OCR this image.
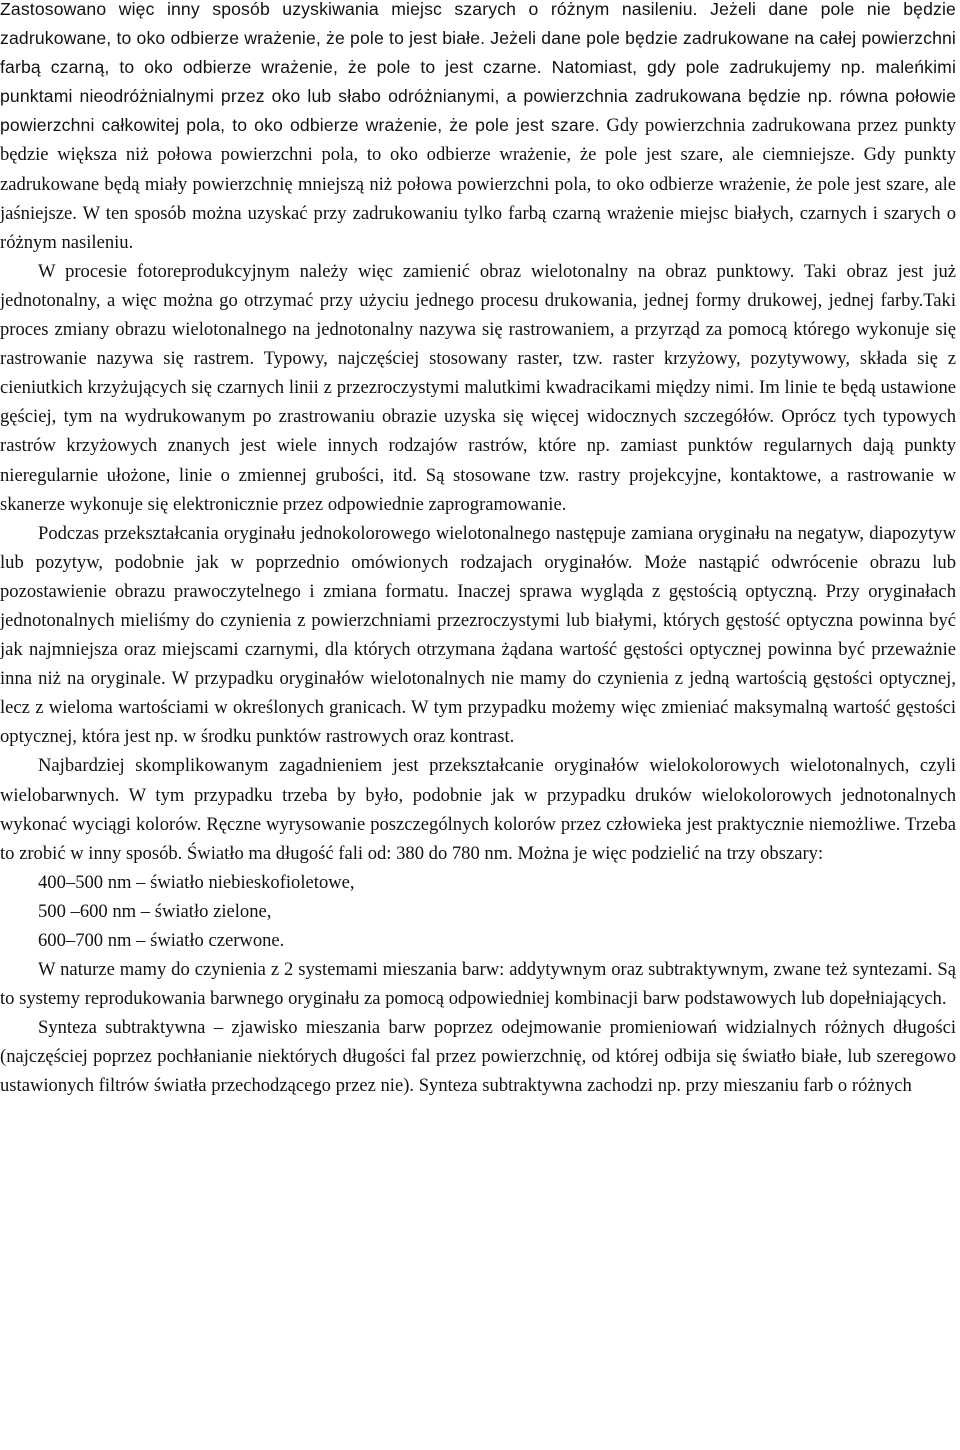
Zastosowano więc inny sposób uzyskiwania miejsc szarych o różnym nasileniu. Jeżeli dane pole nie będzie zadrukowane, to oko odbierze wrażenie, że pole to jest białe. Jeżeli dane pole będzie zadrukowane na całej powierzchni farbą czarną, to oko odbierze wrażenie, że pole to jest czarne. Natomiast, gdy pole zadrukujemy np. maleńkimi punktami nieodróżnialnymi przez oko lub słabo odróżnianymi, a powierzchnia zadrukowana będzie np. równa połowie powierzchni całkowitej pola, to oko odbierze wrażenie, że pole jest szare. Gdy powierzchnia zadrukowana przez punkty będzie większa niż połowa powierzchni pola, to oko odbierze wrażenie, że pole jest szare, ale ciemniejsze. Gdy punkty zadrukowane będą miały powierzchnię mniejszą niż połowa powierzchni pola, to oko odbierze wrażenie, że pole jest szare, ale jaśniejsze. W ten sposób można uzyskać przy zadrukowaniu tylko farbą czarną wrażenie miejsc białych, czarnych i szarych o różnym nasileniu.

W procesie fotoreprodukcyjnym należy więc zamienić obraz wielotonalny na obraz punktowy. Taki obraz jest już jednotonalny, a więc można go otrzymać przy użyciu jednego procesu drukowania, jednej formy drukowej, jednej farby.Taki proces zmiany obrazu wielotonalnego na jednotonalny nazywa się rastrowaniem, a przyrząd za pomocą którego wykonuje się rastrowanie nazywa się rastrem. Typowy, najczęściej stosowany raster, tzw. raster krzyżowy, pozytywowy, składa się z cieniutkich krzyżujących się czarnych linii z przezroczystymi malutkimi kwadracikami między nimi. Im linie te będą ustawione gęściej, tym na wydrukowanym po zrastrowaniu obrazie uzyska się więcej widocznych szczegółów. Oprócz tych typowych rastrów krzyżowych znanych jest wiele innych rodzajów rastrów, które np. zamiast punktów regularnych dają punkty nieregularnie ułożone, linie o zmiennej grubości, itd. Są stosowane tzw. rastry projekcyjne, kontaktowe, a rastrowanie w skanerze wykonuje się elektronicznie przez odpowiednie zaprogramowanie.

Podczas przekształcania oryginału jednokolorowego wielotonalnego następuje zamiana oryginału na negatyw, diapozytyw lub pozytyw, podobnie jak w poprzednio omówionych rodzajach oryginałów. Może nastąpić odwrócenie obrazu lub pozostawienie obrazu prawoczytelnego i zmiana formatu. Inaczej sprawa wygląda z gęstością optyczną. Przy oryginałach jednotonalnych mieliśmy do czynienia z powierzchniami przezroczystymi lub białymi, których gęstość optyczna powinna być jak najmniejsza oraz miejscami czarnymi, dla których otrzymana żądana wartość gęstości optycznej powinna być przeważnie inna niż na oryginale. W przypadku oryginałów wielotonalnych nie mamy do czynienia z jedną wartością gęstości optycznej, lecz z wieloma wartościami w określonych granicach. W tym przypadku możemy więc zmieniać maksymalną wartość gęstości optycznej, która jest np. w środku punktów rastrowych oraz kontrast.

Najbardziej skomplikowanym zagadnieniem jest przekształcanie oryginałów wielokolorowych wielotonalnych, czyli wielobarwnych. W tym przypadku trzeba by było, podobnie jak w przypadku druków wielokolorowych jednotonalnych wykonać wyciągi kolorów. Ręczne wyrysowanie poszczególnych kolorów przez człowieka jest praktycznie niemożliwe. Trzeba to zrobić w inny sposób. Światło ma długość fali od: 380 do 780 nm. Można je więc podzielić na trzy obszary:

400–500 nm – światło niebieskofioletowe,

500 –600 nm – światło zielone,

600–700 nm – światło czerwone.

W naturze mamy do czynienia z 2 systemami mieszania barw: addytywnym oraz subtraktywnym, zwane też syntezami. Są to systemy reprodukowania barwnego oryginału za pomocą odpowiedniej kombinacji barw podstawowych lub dopełniających.

Synteza subtraktywna – zjawisko mieszania barw poprzez odejmowanie promieniowań widzialnych różnych długości (najczęściej poprzez pochłanianie niektórych długości fal przez powierzchnię, od której odbija się światło białe, lub szeregowo ustawionych filtrów światła przechodzącego przez nie). Synteza subtraktywna zachodzi np. przy mieszaniu farb o różnych
